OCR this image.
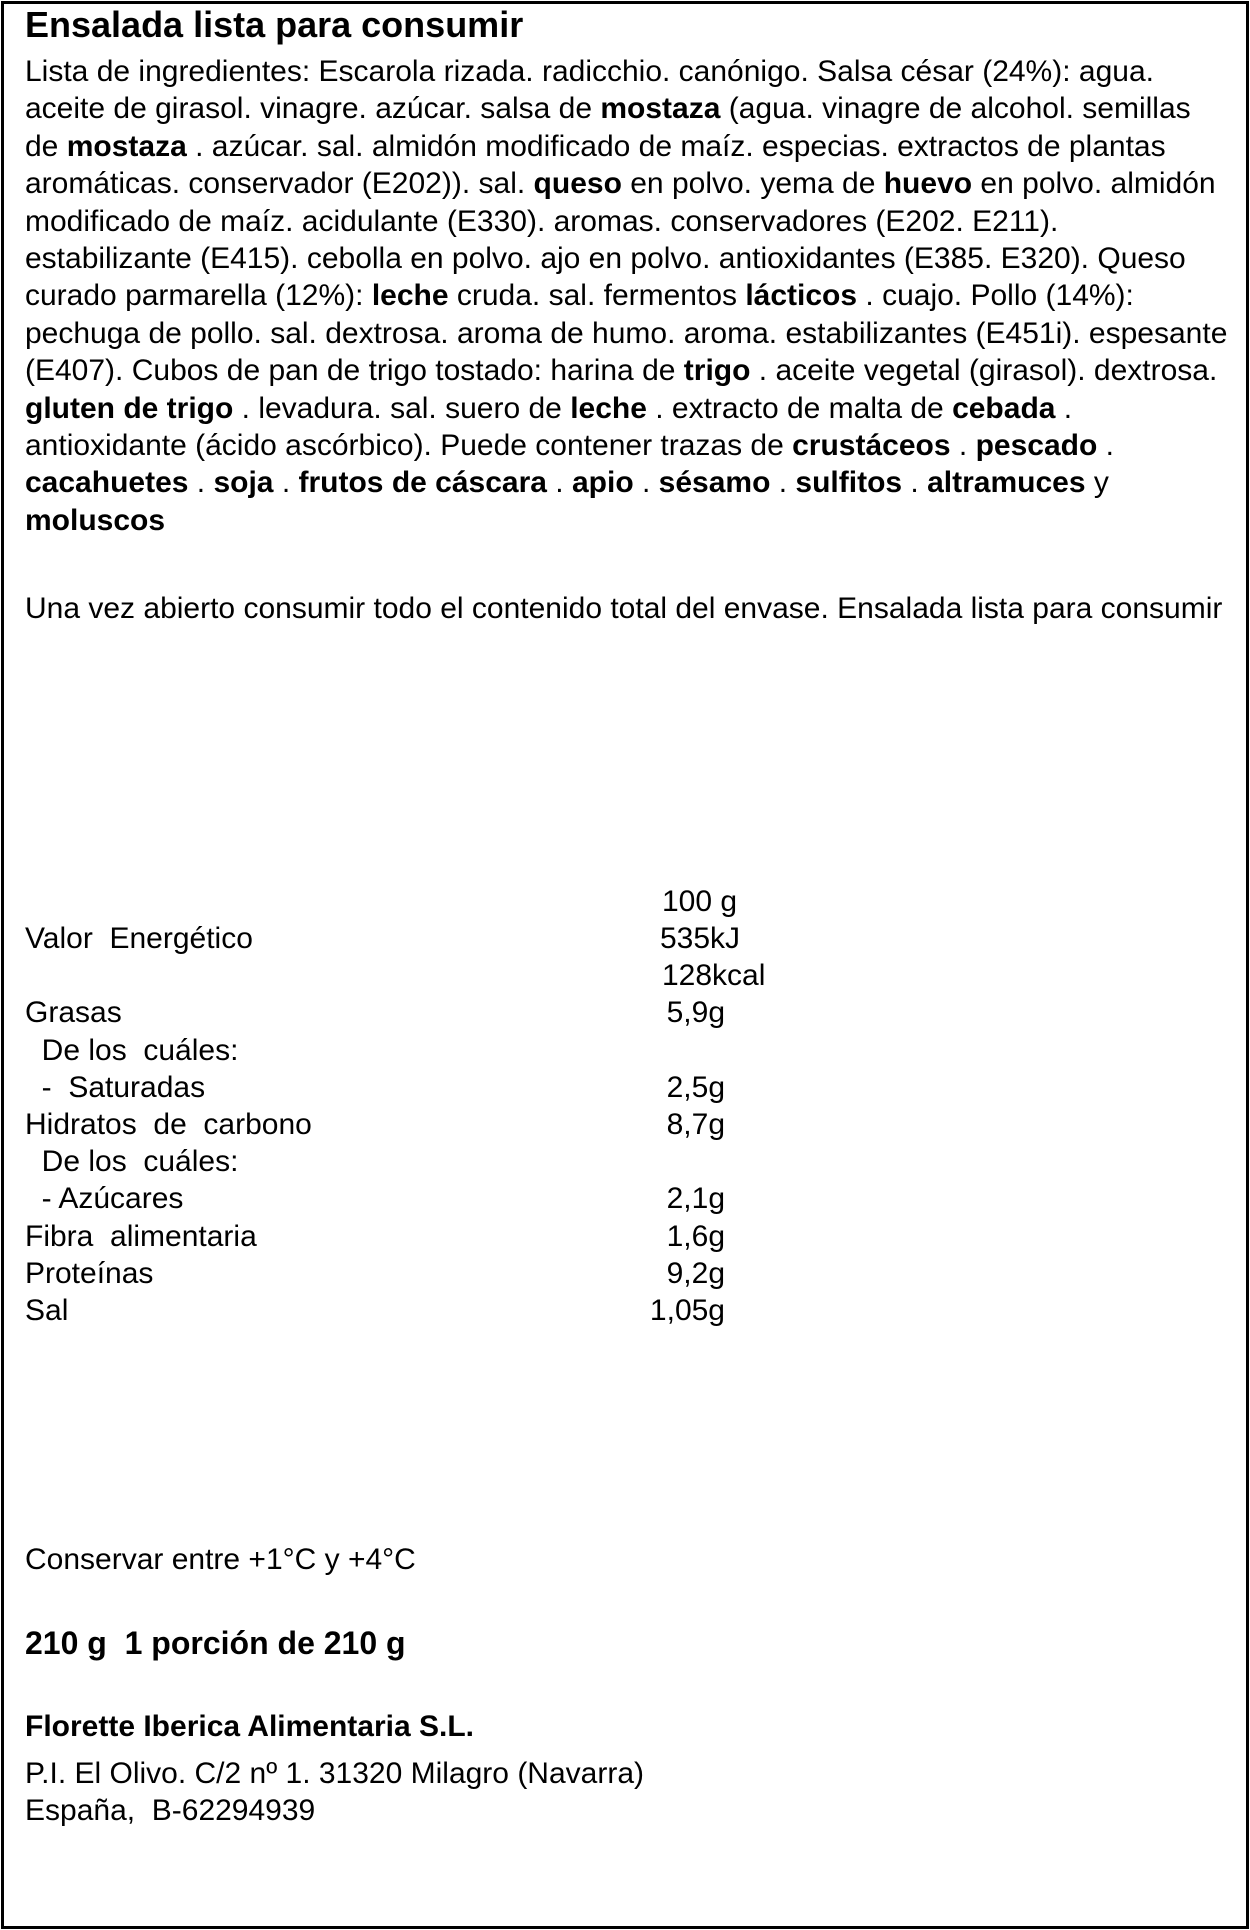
Ensalada lista para consumir
Lista de ingredientes: Escarola rizada. radicchio. canónigo. Salsa césar (24%): agua. aceite de girasol. vinagre. azúcar. salsa de mostaza (agua. vinagre de alcohol. semillas de mostaza . azúcar. sal. almidón modificado de maíz. especias. extractos de plantas aromáticas. conservador (E202)). sal. queso en polvo. yema de huevo en polvo. almidón modificado de maíz. acidulante (E330). aromas. conservadores (E202. E211). estabilizante (E415). cebolla en polvo. ajo en polvo. antioxidantes (E385. E320). Queso curado parmarella (12%): leche cruda. sal. fermentos lácticos . cuajo. Pollo (14%): pechuga de pollo. sal. dextrosa. aroma de humo. aroma. estabilizantes (E451i). espesante (E407). Cubos de pan de trigo tostado: harina de trigo . aceite vegetal (girasol). dextrosa. gluten de trigo . levadura. sal. suero de leche . extracto de malta de cebada . antioxidante (ácido ascórbico). Puede contener trazas de crustáceos . pescado . cacahuetes . soja . frutos de cáscara . apio . sésamo . sulfitos . altramuces y moluscos
Una vez abierto consumir todo el contenido total del envase. Ensalada lista para consumir
100 g
Valor  Energético	535kJ
128kcal
Grasas	5,9g
De los  cuáles:
-  Saturadas	2,5g
Hidratos  de  carbono	8,7g
De los  cuáles:
- Azúcares	2,1g
Fibra  alimentaria	1,6g
Proteínas	9,2g
Sal	1,05g
Conservar entre +1°C y +4°C
210 g  1 porción de 210 g
Florette Iberica Alimentaria S.L.
P.I. El Olivo. C/2 nº 1. 31320 Milagro (Navarra)
España,  B-62294939
